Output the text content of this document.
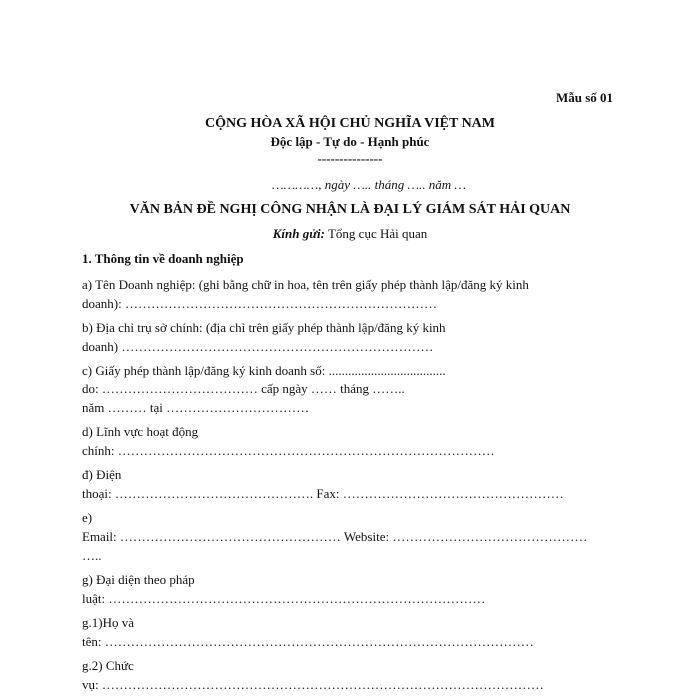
Mẫu số 01
CỘNG HÒA XÃ HỘI CHỦ NGHĨA VIỆT NAM
Độc lập - Tự do - Hạnh phúc
---------------
…………, ngày ….. tháng ….. năm …
VĂN BẢN ĐỀ NGHỊ CÔNG NHẬN LÀ ĐẠI LÝ GIÁM SÁT HẢI QUAN
Kính gửi: Tổng cục Hải quan
1. Thông tin về doanh nghiệp
a) Tên Doanh nghiệp: (ghi bằng chữ in hoa, tên trên giấy phép thành lập/đăng ký kinh
doanh): ………………………………………………………………
b) Địa chỉ trụ sở chính: (địa chỉ trên giấy phép thành lập/đăng ký kinh
doanh) ………………………………………………………………
c) Giấy phép thành lập/đăng ký kinh doanh số: ....................................
do: ……………………………… cấp ngày …… tháng ……..
năm ……… tại ……………………………
d) Lĩnh vực hoạt động
chính: ……………………………………………………………………………
đ) Điện
thoại: ………………………………………. Fax: ……………………………………………
e)
Email: …………………………………………… Website: ………………………………………
…..
g) Đại diện theo pháp
luật: ……………………………………………………………………………
g.1)Họ và
tên: ………………………………………………………………………………………
g.2) Chức
vụ: …………………………………………………………………………………………
